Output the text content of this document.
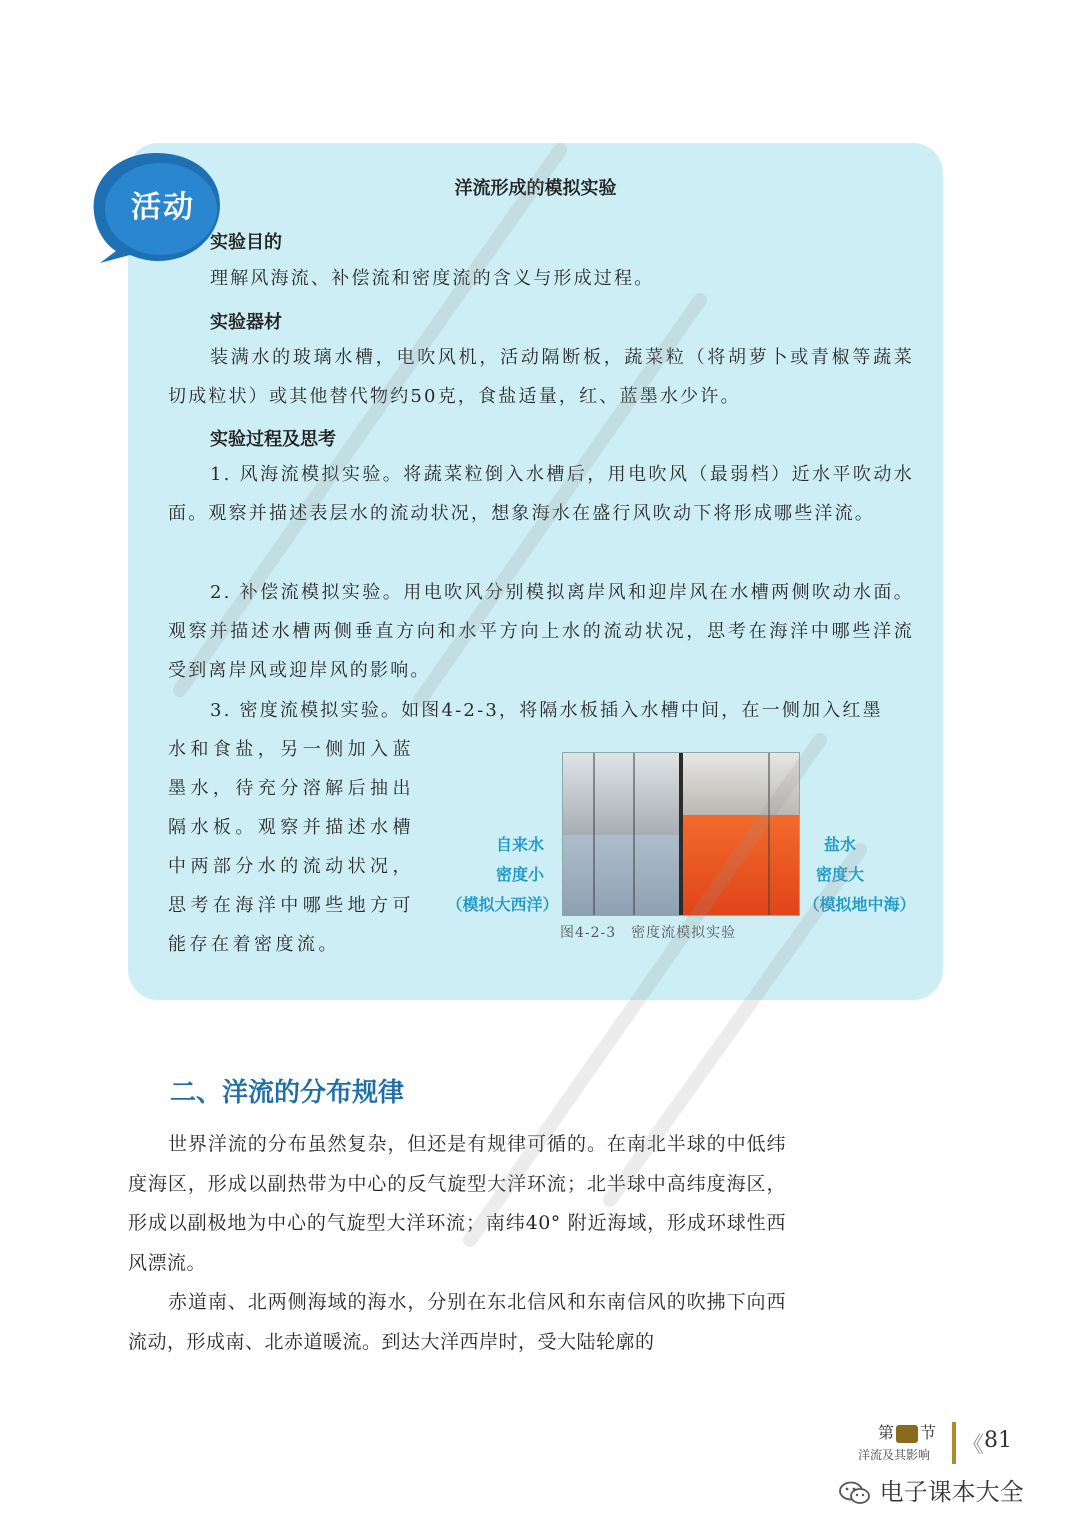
活动
洋流形成的模拟实验
实验目的
理解风海流、补偿流和密度流的含义与形成过程。
实验器材
装满水的玻璃水槽，电吹风机，活动隔断板，蔬菜粒（将胡萝卜或青椒等蔬菜切成粒状）或其他替代物约50克，食盐适量，红、蓝墨水少许。
实验过程及思考
1. 风海流模拟实验。将蔬菜粒倒入水槽后，用电吹风（最弱档）近水平吹动水面。观察并描述表层水的流动状况，想象海水在盛行风吹动下将形成哪些洋流。
2. 补偿流模拟实验。用电吹风分别模拟离岸风和迎岸风在水槽两侧吹动水面。观察并描述水槽两侧垂直方向和水平方向上水的流动状况，思考在海洋中哪些洋流受到离岸风或迎岸风的影响。
3. 密度流模拟实验。如图4-2-3，将隔水板插入水槽中间，在一侧加入红墨
水和食盐，另一侧加入蓝墨水，待充分溶解后抽出隔水板。观察并描述水槽中两部分水的流动状况，思考在海洋中哪些地方可能存在着密度流。
自来水
密度小
（模拟大西洋）
盐水
密度大
（模拟地中海）
图4-2-3　密度流模拟实验
二、洋流的分布规律
世界洋流的分布虽然复杂，但还是有规律可循的。在南北半球的中低纬度海区，形成以副热带为中心的反气旋型大洋环流；北半球中高纬度海区，形成以副极地为中心的气旋型大洋环流；南纬40° 附近海域，形成环球性西风漂流。
赤道南、北两侧海域的海水，分别在东北信风和东南信风的吹拂下向西流动，形成南、北赤道暖流。到达大洋西岸时，受大陆轮廓的
第 节
洋流及其影响 《 81
电子课本大全
